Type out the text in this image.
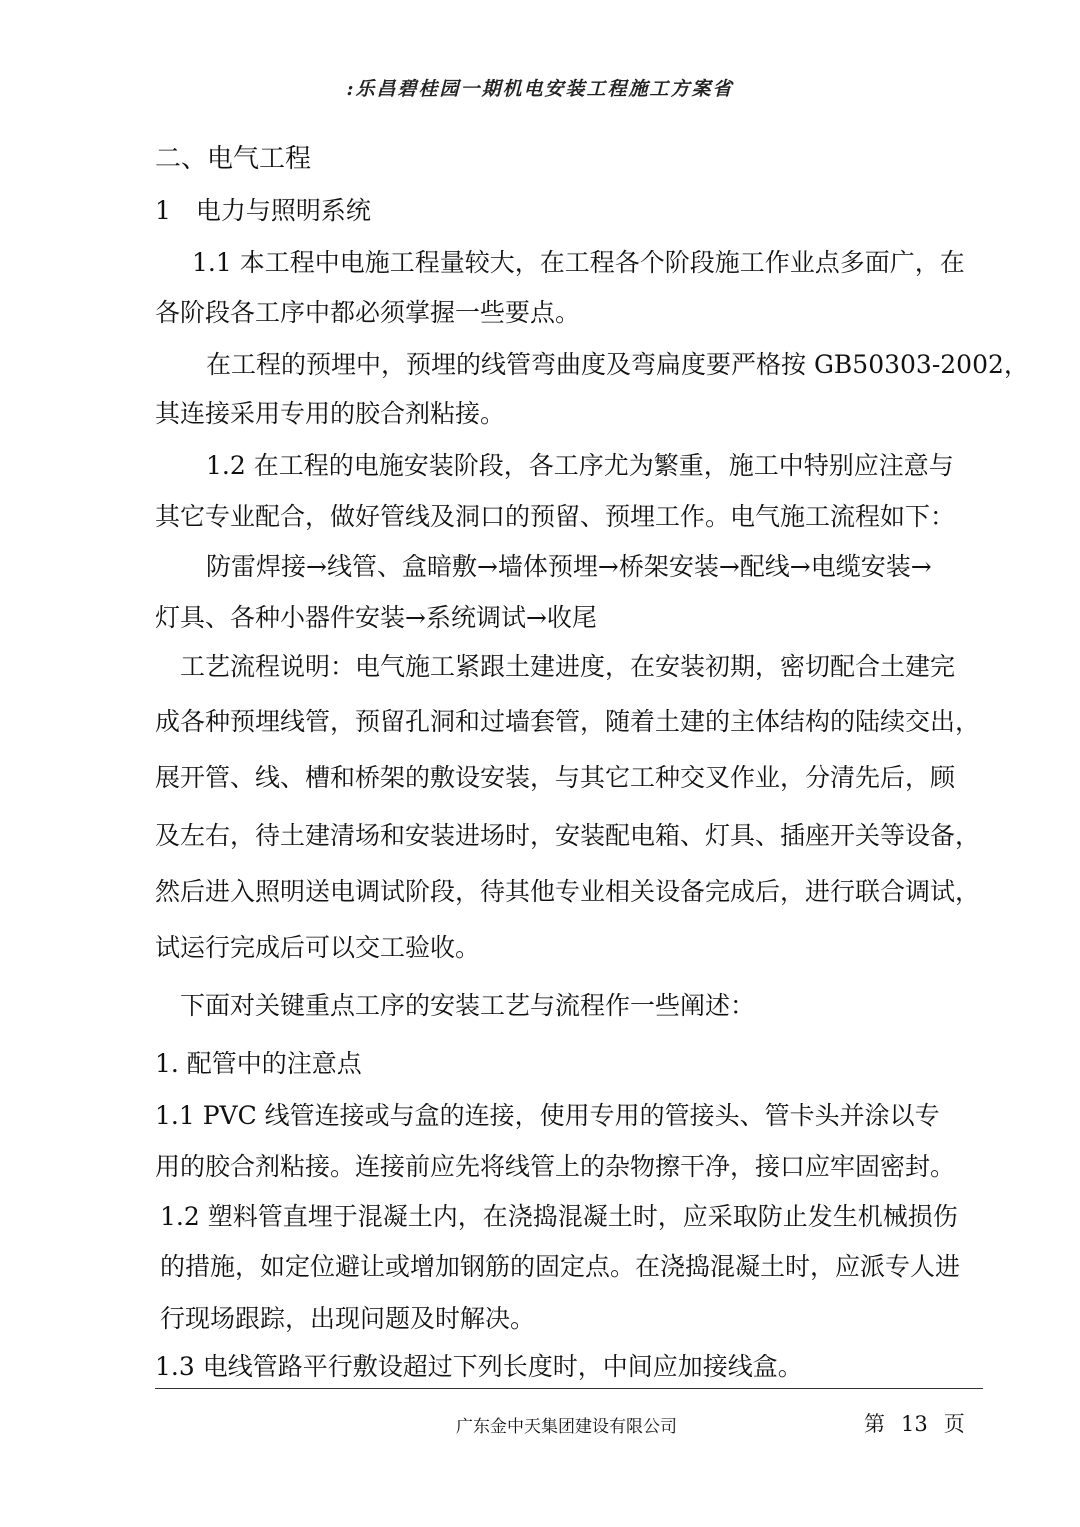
:乐昌碧桂园一期机电安装工程施工方案省
二、电气工程
1　电力与照明系统
1.1 本工程中电施工程量较大，在工程各个阶段施工作业点多面广，在
各阶段各工序中都必须掌握一些要点。
在工程的预埋中，预埋的线管弯曲度及弯扁度要严格按 GB50303-2002，
其连接采用专用的胶合剂粘接。
1.2 在工程的电施安装阶段，各工序尤为繁重，施工中特别应注意与
其它专业配合，做好管线及洞口的预留、预埋工作。电气施工流程如下：
防雷焊接→线管、盒暗敷→墙体预埋→桥架安装→配线→电缆安装→
灯具、各种小器件安装→系统调试→收尾
工艺流程说明：电气施工紧跟土建进度，在安装初期，密切配合土建完
成各种预埋线管，预留孔洞和过墙套管，随着土建的主体结构的陆续交出，
展开管、线、槽和桥架的敷设安装，与其它工种交叉作业，分清先后，顾
及左右，待土建清场和安装进场时，安装配电箱、灯具、插座开关等设备，
然后进入照明送电调试阶段，待其他专业相关设备完成后，进行联合调试，
试运行完成后可以交工验收。
下面对关键重点工序的安装工艺与流程作一些阐述：
1. 配管中的注意点
1.1 PVC 线管连接或与盒的连接，使用专用的管接头、管卡头并涂以专
用的胶合剂粘接。连接前应先将线管上的杂物擦干净，接口应牢固密封。
1.2 塑料管直埋于混凝土内，在浇捣混凝土时，应采取防止发生机械损伤
的措施，如定位避让或增加钢筋的固定点。在浇捣混凝土时，应派专人进
行现场跟踪，出现问题及时解决。
1.3 电线管路平行敷设超过下列长度时，中间应加接线盒。
广东金中天集团建设有限公司	第 13 页
